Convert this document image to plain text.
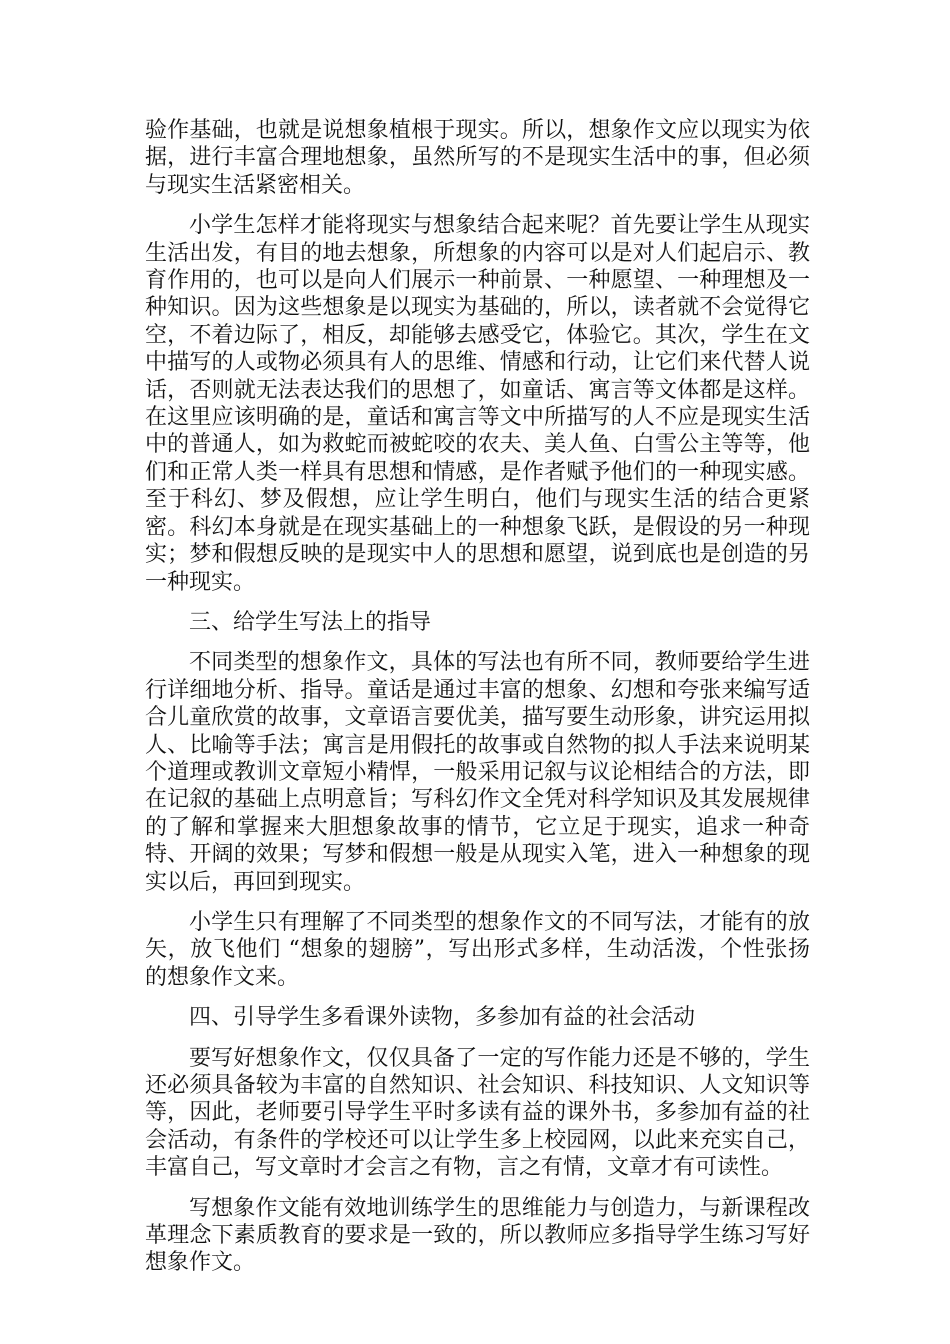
验作基础，也就是说想象植根于现实。所以，想象作文应以现实为依据，进行丰富合理地想象，虽然所写的不是现实生活中的事，但必须与现实生活紧密相关。

小学生怎样才能将现实与想象结合起来呢？首先要让学生从现实生活出发，有目的地去想象，所想象的内容可以是对人们起启示、教育作用的，也可以是向人们展示一种前景、一种愿望、一种理想及一种知识。因为这些想象是以现实为基础的，所以，读者就不会觉得它空，不着边际了，相反，却能够去感受它，体验它。其次，学生在文中描写的人或物必须具有人的思维、情感和行动，让它们来代替人说话，否则就无法表达我们的思想了，如童话、寓言等文体都是这样。在这里应该明确的是，童话和寓言等文中所描写的人不应是现实生活中的普通人，如为救蛇而被蛇咬的农夫、美人鱼、白雪公主等等，他们和正常人类一样具有思想和情感，是作者赋予他们的一种现实感。至于科幻、梦及假想，应让学生明白，他们与现实生活的结合更紧密。科幻本身就是在现实基础上的一种想象飞跃，是假设的另一种现实；梦和假想反映的是现实中人的思想和愿望，说到底也是创造的另一种现实。

三、给学生写法上的指导

不同类型的想象作文，具体的写法也有所不同，教师要给学生进行详细地分析、指导。童话是通过丰富的想象、幻想和夸张来编写适合儿童欣赏的故事，文章语言要优美，描写要生动形象，讲究运用拟人、比喻等手法；寓言是用假托的故事或自然物的拟人手法来说明某个道理或教训文章短小精悍，一般采用记叙与议论相结合的方法，即在记叙的基础上点明意旨；写科幻作文全凭对科学知识及其发展规律的了解和掌握来大胆想象故事的情节，它立足于现实，追求一种奇特、开阔的效果；写梦和假想一般是从现实入笔，进入一种想象的现实以后，再回到现实。

小学生只有理解了不同类型的想象作文的不同写法，才能有的放矢，放飞他们 “想象的翅膀”，写出形式多样，生动活泼，个性张扬的想象作文来。

四、引导学生多看课外读物，多参加有益的社会活动

要写好想象作文，仅仅具备了一定的写作能力还是不够的，学生还必须具备较为丰富的自然知识、社会知识、科技知识、人文知识等等，因此，老师要引导学生平时多读有益的课外书，多参加有益的社会活动，有条件的学校还可以让学生多上校园网，以此来充实自己，丰富自己，写文章时才会言之有物，言之有情，文章才有可读性。

写想象作文能有效地训练学生的思维能力与创造力，与新课程改革理念下素质教育的要求是一致的，所以教师应多指导学生练习写好想象作文。
